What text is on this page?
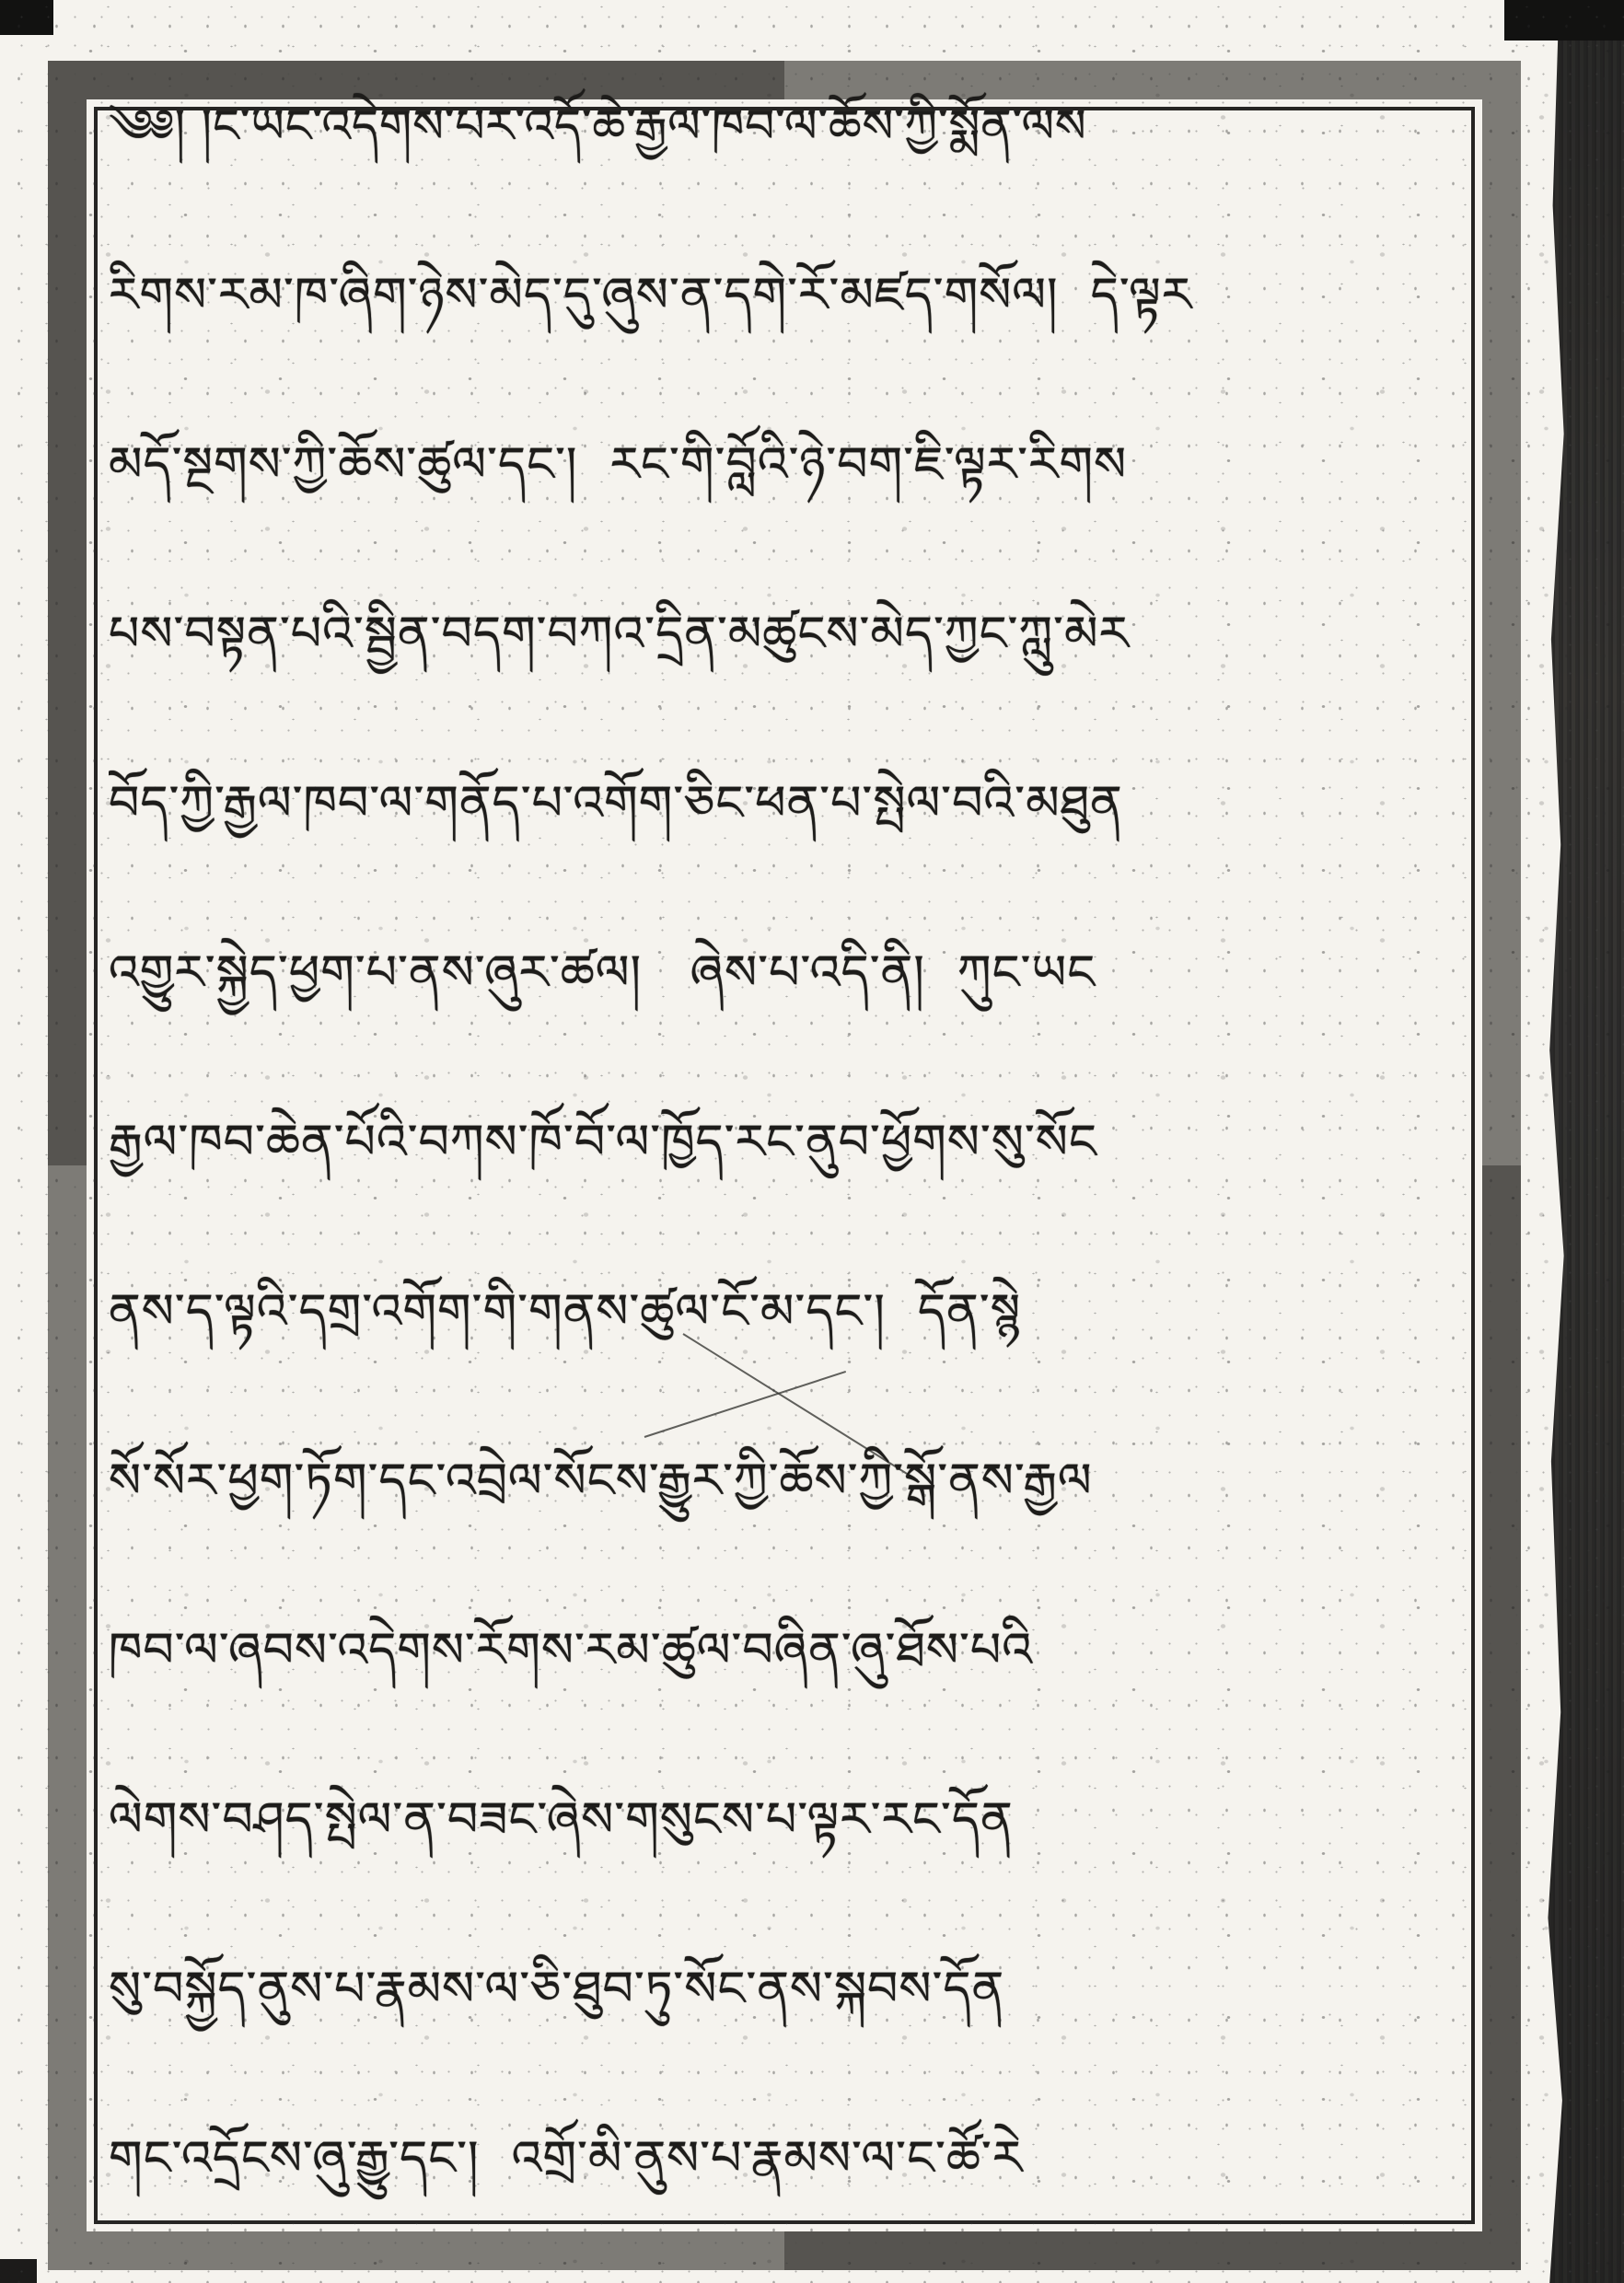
༄༅། །ང་ཡང་འདེགས་པར་འདོ་ཆེ་རྒྱལ་ཁབ་ལ་ཆོས་ཀྱི་སྨོན་ལས
རིགས་རམ་ཁ་ཞིག་ཉེས་མེད་དུ་ཞུས་ན་དགེ་རོ་མཛད་གསོལ།  དེ་ལྟར
མདོ་སྔགས་ཀྱི་ཆོས་ཚུལ་དང་།  རང་གི་བློའི་ཉེ་བག་ཇི་ལྟར་རིགས
པས་བསྟན་པའི་སྦྱིན་བདག་བཀའ་དྲིན་མཚུངས་མེད་ཀྱང་ཀླུ་མེར
བོད་ཀྱི་རྒྱལ་ཁབ་ལ་གནོད་པ་འགོག་ཅིང་ཕན་པ་སྤེལ་བའི་མཐུན
འགྱུར་སྐྱེད་ཕྱག་པ་ནས་ཞུར་ཚལ།   ཞེས་པ་འདི་ནི།  ཀུང་ཡང
རྒྱལ་ཁབ་ཆེན་པོའི་བཀས་ཁོ་བོ་ལ་ཁྱོད་རང་ནུབ་ཕྱོགས་སུ་སོང
ནས་ད་ལྟའི་དགྲ་འགོག་གི་གནས་ཚུལ་ངོ་མ་དང་།  དོན་སྙེ
སོ་སོར་ཕྱག་ཏོག་དང་འབྲེལ་སོངས་རྒྱུར་ཀྱི་ཆོས་ཀྱི་སྒོ་ནས་རྒྱལ
ཁབ་ལ་ཞབས་འདེགས་རོགས་རམ་ཚུལ་བཞིན་ཞུ་ཐོས་པའི
ལེགས་བཤད་སྤེལ་ན་བཟང་ཞེས་གསུངས་པ་ལྟར་རང་དོན
སུ་བསྐྱོད་ནུས་པ་རྣམས་ལ་ཅི་ཐུབ་ཏུ་སོང་ནས་སྐབས་དོན
གང་འདྲོངས་ཞུ་རྒྱུ་དང་།  འགྲོ་མི་ནུས་པ་རྣམས་ལ་ང་ཚོ་རེ
